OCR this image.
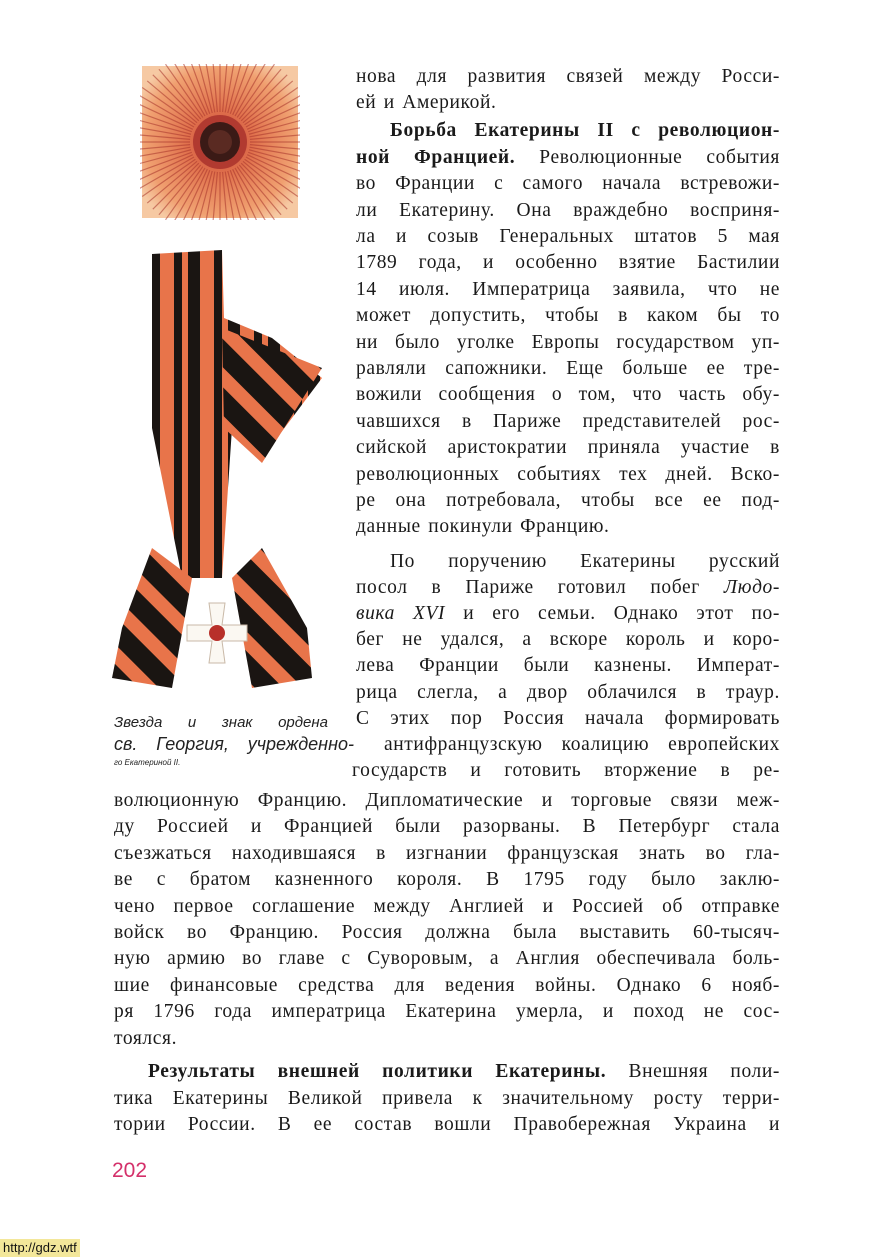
Звезда и знак ордена
св. Георгия, учрежденно-
го Екатериной II.
нова для развития связей между Росси-
ей и Америкой.
Борьба Екатерины II с революцион-
ной Францией. Революционные события
во Франции с самого начала встревожи-
ли Екатерину. Она враждебно восприня-
ла и созыв Генеральных штатов 5 мая
1789 года, и особенно взятие Бастилии
14 июля. Императрица заявила, что не
может допустить, чтобы в каком бы то
ни было уголке Европы государством уп-
равляли сапожники. Еще больше ее тре-
вожили сообщения о том, что часть обу-
чавшихся в Париже представителей рос-
сийской аристократии приняла участие в
революционных событиях тех дней. Вско-
ре она потребовала, чтобы все ее под-
данные покинули Францию.
По поручению Екатерины русский
посол в Париже готовил побег Людо-
вика XVI и его семьи. Однако этот по-
бег не удался, а вскоре король и коро-
лева Франции были казнены. Императ-
рица слегла, а двор облачился в траур.
С этих пор Россия начала формировать
антифранцузскую коалицию европейских
государств и готовить вторжение в ре-
волюционную Францию. Дипломатические и торговые связи меж-
ду Россией и Францией были разорваны. В Петербург стала
съезжаться находившаяся в изгнании французская знать во гла-
ве с братом казненного короля. В 1795 году было заклю-
чено первое соглашение между Англией и Россией об отправке
войск во Францию. Россия должна была выставить 60-тысяч-
ную армию во главе с Суворовым, а Англия обеспечивала боль-
шие финансовые средства для ведения войны. Однако 6 нояб-
ря 1796 года императрица Екатерина умерла, и поход не сос-
тоялся.
Результаты внешней политики Екатерины. Внешняя поли-
тика Екатерины Великой привела к значительному росту терри-
тории России. В ее состав вошли Правобережная Украина и
202
http://gdz.wtf
